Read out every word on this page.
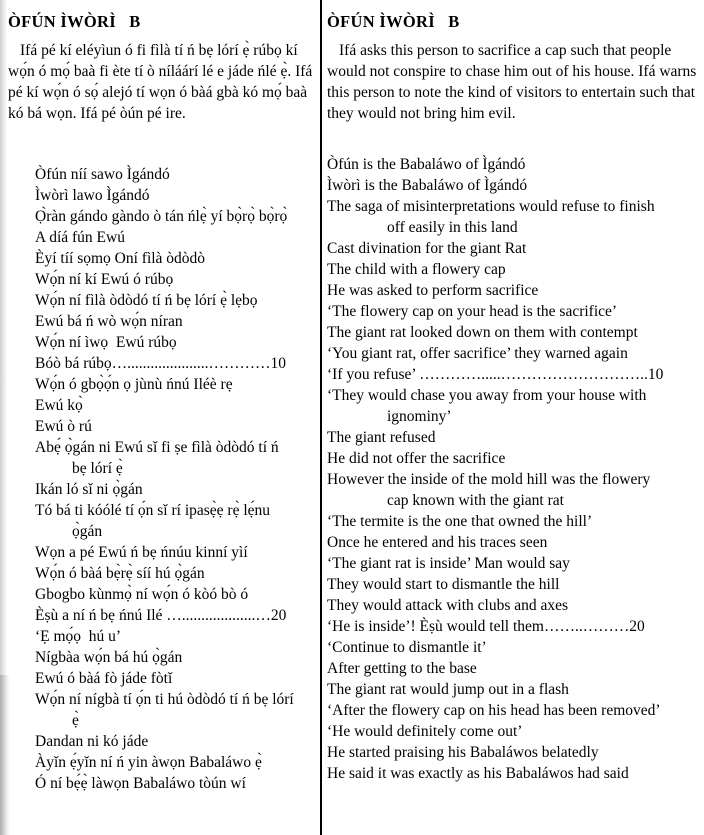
ÒFÚN ÌWÒRÌ   B

Ifá pé kí eléyìun ó fi fìlà tí ń bẹ lórí ẹ̀ rúbọ kí wọ́n ó mọ́ baà fi ète tí ò níláárí lé e jáde ńlé ẹ̀. Ifá pé kí wọ́n ó sọ́ alejó tí wọn ó bàá gbà kó mọ́ baà kó bá wọn. Ifá pé òún pé ire.

Òfún níí sawo Ìgándó
Ìwòrì lawo Ìgándó
Ọ̀ràn gándo gàndo ò tán ńlẹ̀ yí bọ̀rọ̀ bọ̀rọ̀
A díá fún Ewú
Èyí tíí sọmọ Oní fìlà òdòdò
Wọ́n ní kí Ewú ó rúbọ
Wọ́n ní fìlà òdòdó tí ń bẹ lórí ẹ̀ lẹbọ
Ewú bá ń wò wọ́n níran
Wọ́n ní ìwọ  Ewú rúbọ
Bóò bá rúbọ….....................…………10
Wọ́n ó gbọ̀ọ́n ọ jùnù ńnú Iléè rẹ
Ewú kọ̀
Ewú ò rú
Abẹ́ ọ̀gán ni Ewú sǐ fi ṣe fìlà òdòdó tí ń
bẹ lórí ẹ̀
Ikán ló sǐ ni ọ̀gán
Tó bá ti kóólé tí ọ́n sǐ rí ipasẹ̀ẹ rẹ̀ lẹ́nu
ọ̀gán
Wọn a pé Ewú ń bẹ ńnúu kinní yìí
Wọ́n ó bàá bẹ̀rẹ̀ síí hú ọ̀gán
Gbogbo kùnmọ̀ ní wọ́n ó kòó bò ó
Èṣù a ní ń bẹ ńnú Ilé …...................…20
‘Ẹ mọ́ọ  hú u’
Nígbàa wọ́n bá hú ọ̀gán
Ewú ó bàá fò jáde fòtǐ
Wọ́n ní nígbà tí ọ́n ti hú òdòdó tí ń bẹ lórí
ẹ̀
Dandan ni kó jáde
Àyǐn ẹ́yǐn ní ń yin àwọn Babaláwo ẹ̀
Ó ní bẹ́ẹ̀ làwọn Babaláwo tòún wí
ÒFÚN ÌWÒRÌ   B

Ifá asks this person to sacrifice a cap such that people would not conspire to chase him out of his house. Ifá warns this person to note the kind of visitors to entertain such that they would not bring him evil.

Òfún is the Babaláwo of Ìgándó
Ìwòrì is the Babaláwo of Ìgándó
The saga of misinterpretations would refuse to finish
off easily in this land
Cast divination for the giant Rat
The child with a flowery cap
He was asked to perform sacrifice
‘The flowery cap on your head is the sacrifice’
The giant rat looked down on them with contempt
‘You giant rat, offer sacrifice’ they warned again
‘If you refuse’ ………….....………………………..10
‘They would chase you away from your house with
ignominy’
The giant refused
He did not offer the sacrifice
However the inside of the mold hill was the flowery
cap known with the giant rat
‘The termite is the one that owned the hill’
Once he entered and his traces seen
‘The giant rat is inside’ Man would say
They would start to dismantle the hill
They would attack with clubs and axes
‘He is inside’! Èṣù would tell them……..………20
‘Continue to dismantle it’
After getting to the base
The giant rat would jump out in a flash
‘After the flowery cap on his head has been removed’
‘He would definitely come out’
He started praising his Babaláwos belatedly
He said it was exactly as his Babaláwos had said
